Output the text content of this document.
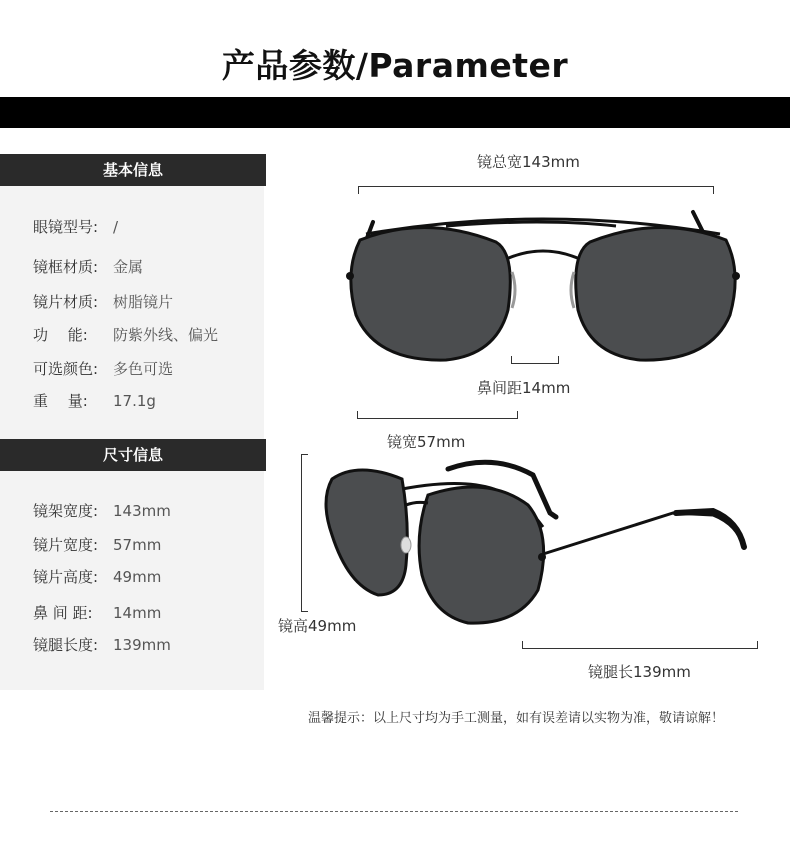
产品参数/Parameter
基本信息
眼镜型号: /
镜框材质: 金属
镜片材质: 树脂镜片
功　 能: 防紫外线、偏光
可选颜色: 多色可选
重　 量: 17.1g
尺寸信息
镜架宽度: 143mm
镜片宽度: 57mm
镜片高度: 49mm
鼻 间 距: 14mm
镜腿长度: 139mm
镜总宽143mm
鼻间距14mm
镜宽57mm
镜高49mm
镜腿长139mm
温馨提示：以上尺寸均为手工测量，如有误差请以实物为准，敬请谅解！
